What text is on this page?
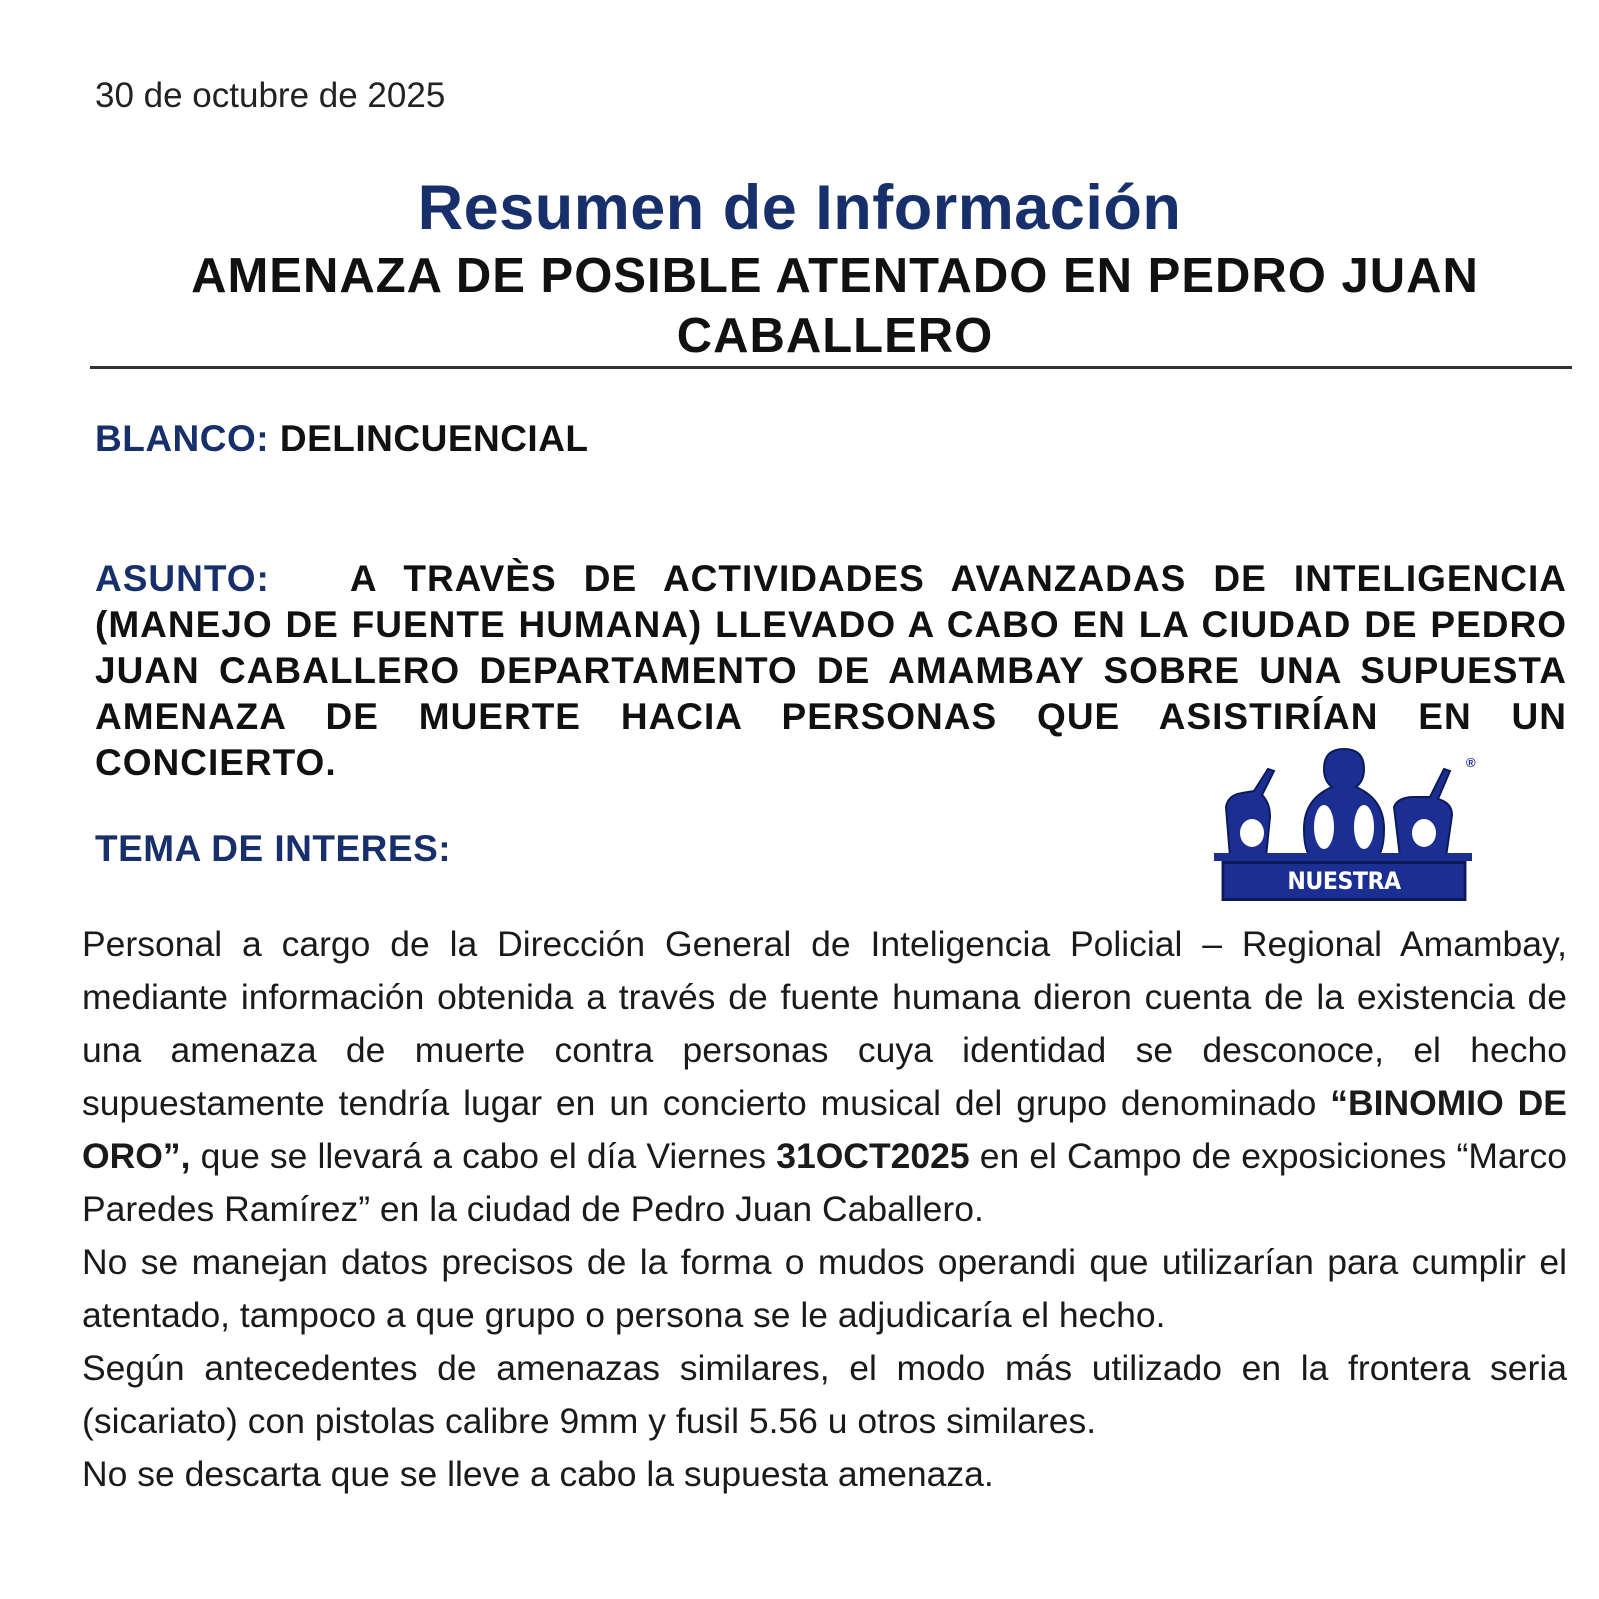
30 de octubre de 2025
Resumen de Información
AMENAZA DE POSIBLE ATENTADO EN PEDRO JUAN CABALLERO
BLANCO: DELINCUENCIAL
ASUNTO: A TRAVÈS DE ACTIVIDADES AVANZADAS DE INTELIGENCIA (MANEJO DE FUENTE HUMANA) LLEVADO A CABO EN LA CIUDAD DE PEDRO JUAN CABALLERO DEPARTAMENTO DE AMAMBAY SOBRE UNA SUPUESTA AMENAZA DE MUERTE HACIA PERSONAS QUE ASISTIRÍAN EN UN CONCIERTO.
TEMA DE INTERES:
®
NUESTRA REALIDAD

Personal a cargo de la Dirección General de Inteligencia Policial – Regional Amambay, mediante información obtenida a través de fuente humana dieron cuenta de la existencia de una amenaza de muerte contra personas cuya identidad se desconoce, el hecho supuestamente tendría lugar en un concierto musical del grupo denominado “BINOMIO DE ORO”, que se llevará a cabo el día Viernes 31OCT2025 en el Campo de exposiciones “Marco Paredes Ramírez” en la ciudad de Pedro Juan Caballero.

No se manejan datos precisos de la forma o mudos operandi que utilizarían para cumplir el atentado, tampoco a que grupo o persona se le adjudicaría el hecho.

Según antecedentes de amenazas similares, el modo más utilizado en la frontera seria (sicariato) con pistolas calibre 9mm y fusil 5.56 u otros similares.

No se descarta que se lleve a cabo la supuesta amenaza.
